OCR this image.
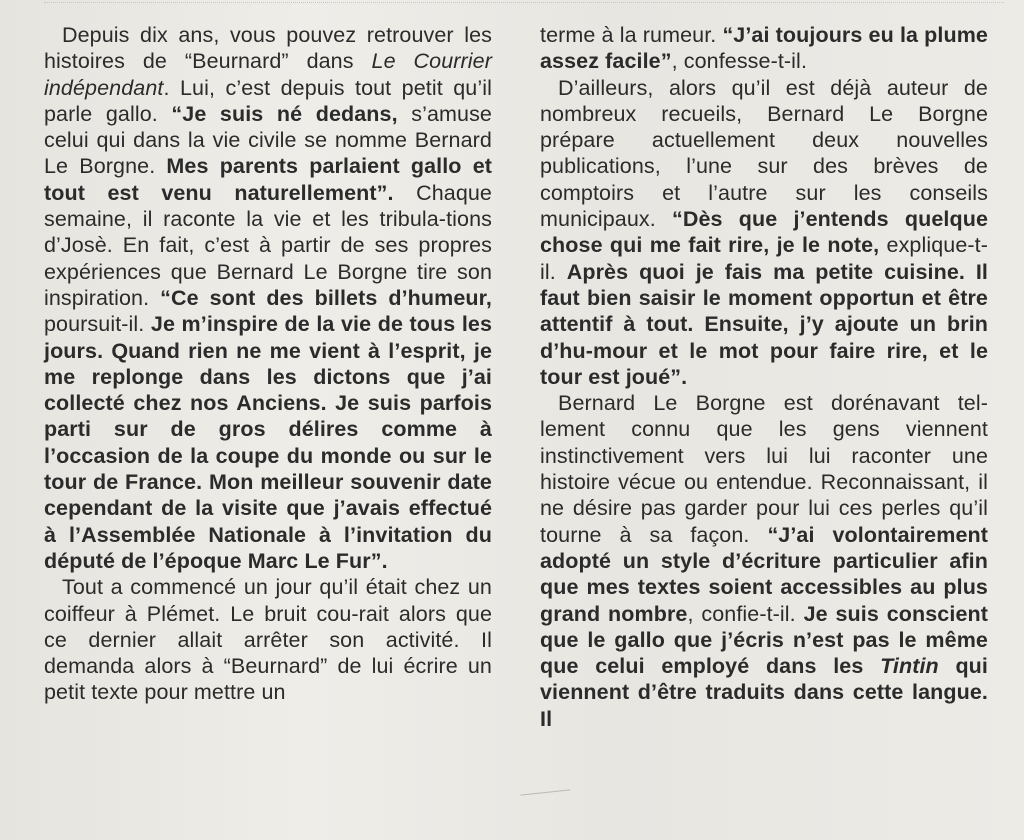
Depuis dix ans, vous pouvez retrouver les histoires de “Beurnard” dans Le Courrier indépendant. Lui, c’est depuis tout petit qu’il parle gallo. “Je suis né dedans, s’amuse celui qui dans la vie civile se nomme Bernard Le Borgne. Mes parents parlaient gallo et tout est venu naturellement”. Chaque semaine, il raconte la vie et les tribula-tions d’Josè. En fait, c’est à partir de ses propres expériences que Bernard Le Borgne tire son inspiration. “Ce sont des billets d’humeur, poursuit-il. Je m’inspire de la vie de tous les jours. Quand rien ne me vient à l’esprit, je me replonge dans les dictons que j’ai collecté chez nos Anciens. Je suis parfois parti sur de gros délires comme à l’occasion de la coupe du monde ou sur le tour de France. Mon meilleur souvenir date cependant de la visite que j’avais effectué à l’Assemblée Nationale à l’invitation du député de l’époque Marc Le Fur”.

Tout a commencé un jour qu’il était chez un coiffeur à Plémet. Le bruit cou-rait alors que ce dernier allait arrêter son activité. Il demanda alors à “Beurnard” de lui écrire un petit texte pour mettre un

terme à la rumeur. “J’ai toujours eu la plume assez facile”, confesse-t-il.

D’ailleurs, alors qu’il est déjà auteur de nombreux recueils, Bernard Le Borgne prépare actuellement deux nouvelles publications, l’une sur des brèves de comptoirs et l’autre sur les conseils municipaux. “Dès que j’entends quelque chose qui me fait rire, je le note, explique-t-il. Après quoi je fais ma petite cuisine. Il faut bien saisir le moment opportun et être attentif à tout. Ensuite, j’y ajoute un brin d’hu-mour et le mot pour faire rire, et le tour est joué”.

Bernard Le Borgne est dorénavant tel-lement connu que les gens viennent instinctivement vers lui lui raconter une histoire vécue ou entendue. Reconnaissant, il ne désire pas garder pour lui ces perles qu’il tourne à sa façon. “J’ai volontairement adopté un style d’écriture particulier afin que mes textes soient accessibles au plus grand nombre, confie-t-il. Je suis conscient que le gallo que j’écris n’est pas le même que celui employé dans les Tintin qui viennent d’être traduits dans cette langue. Il
